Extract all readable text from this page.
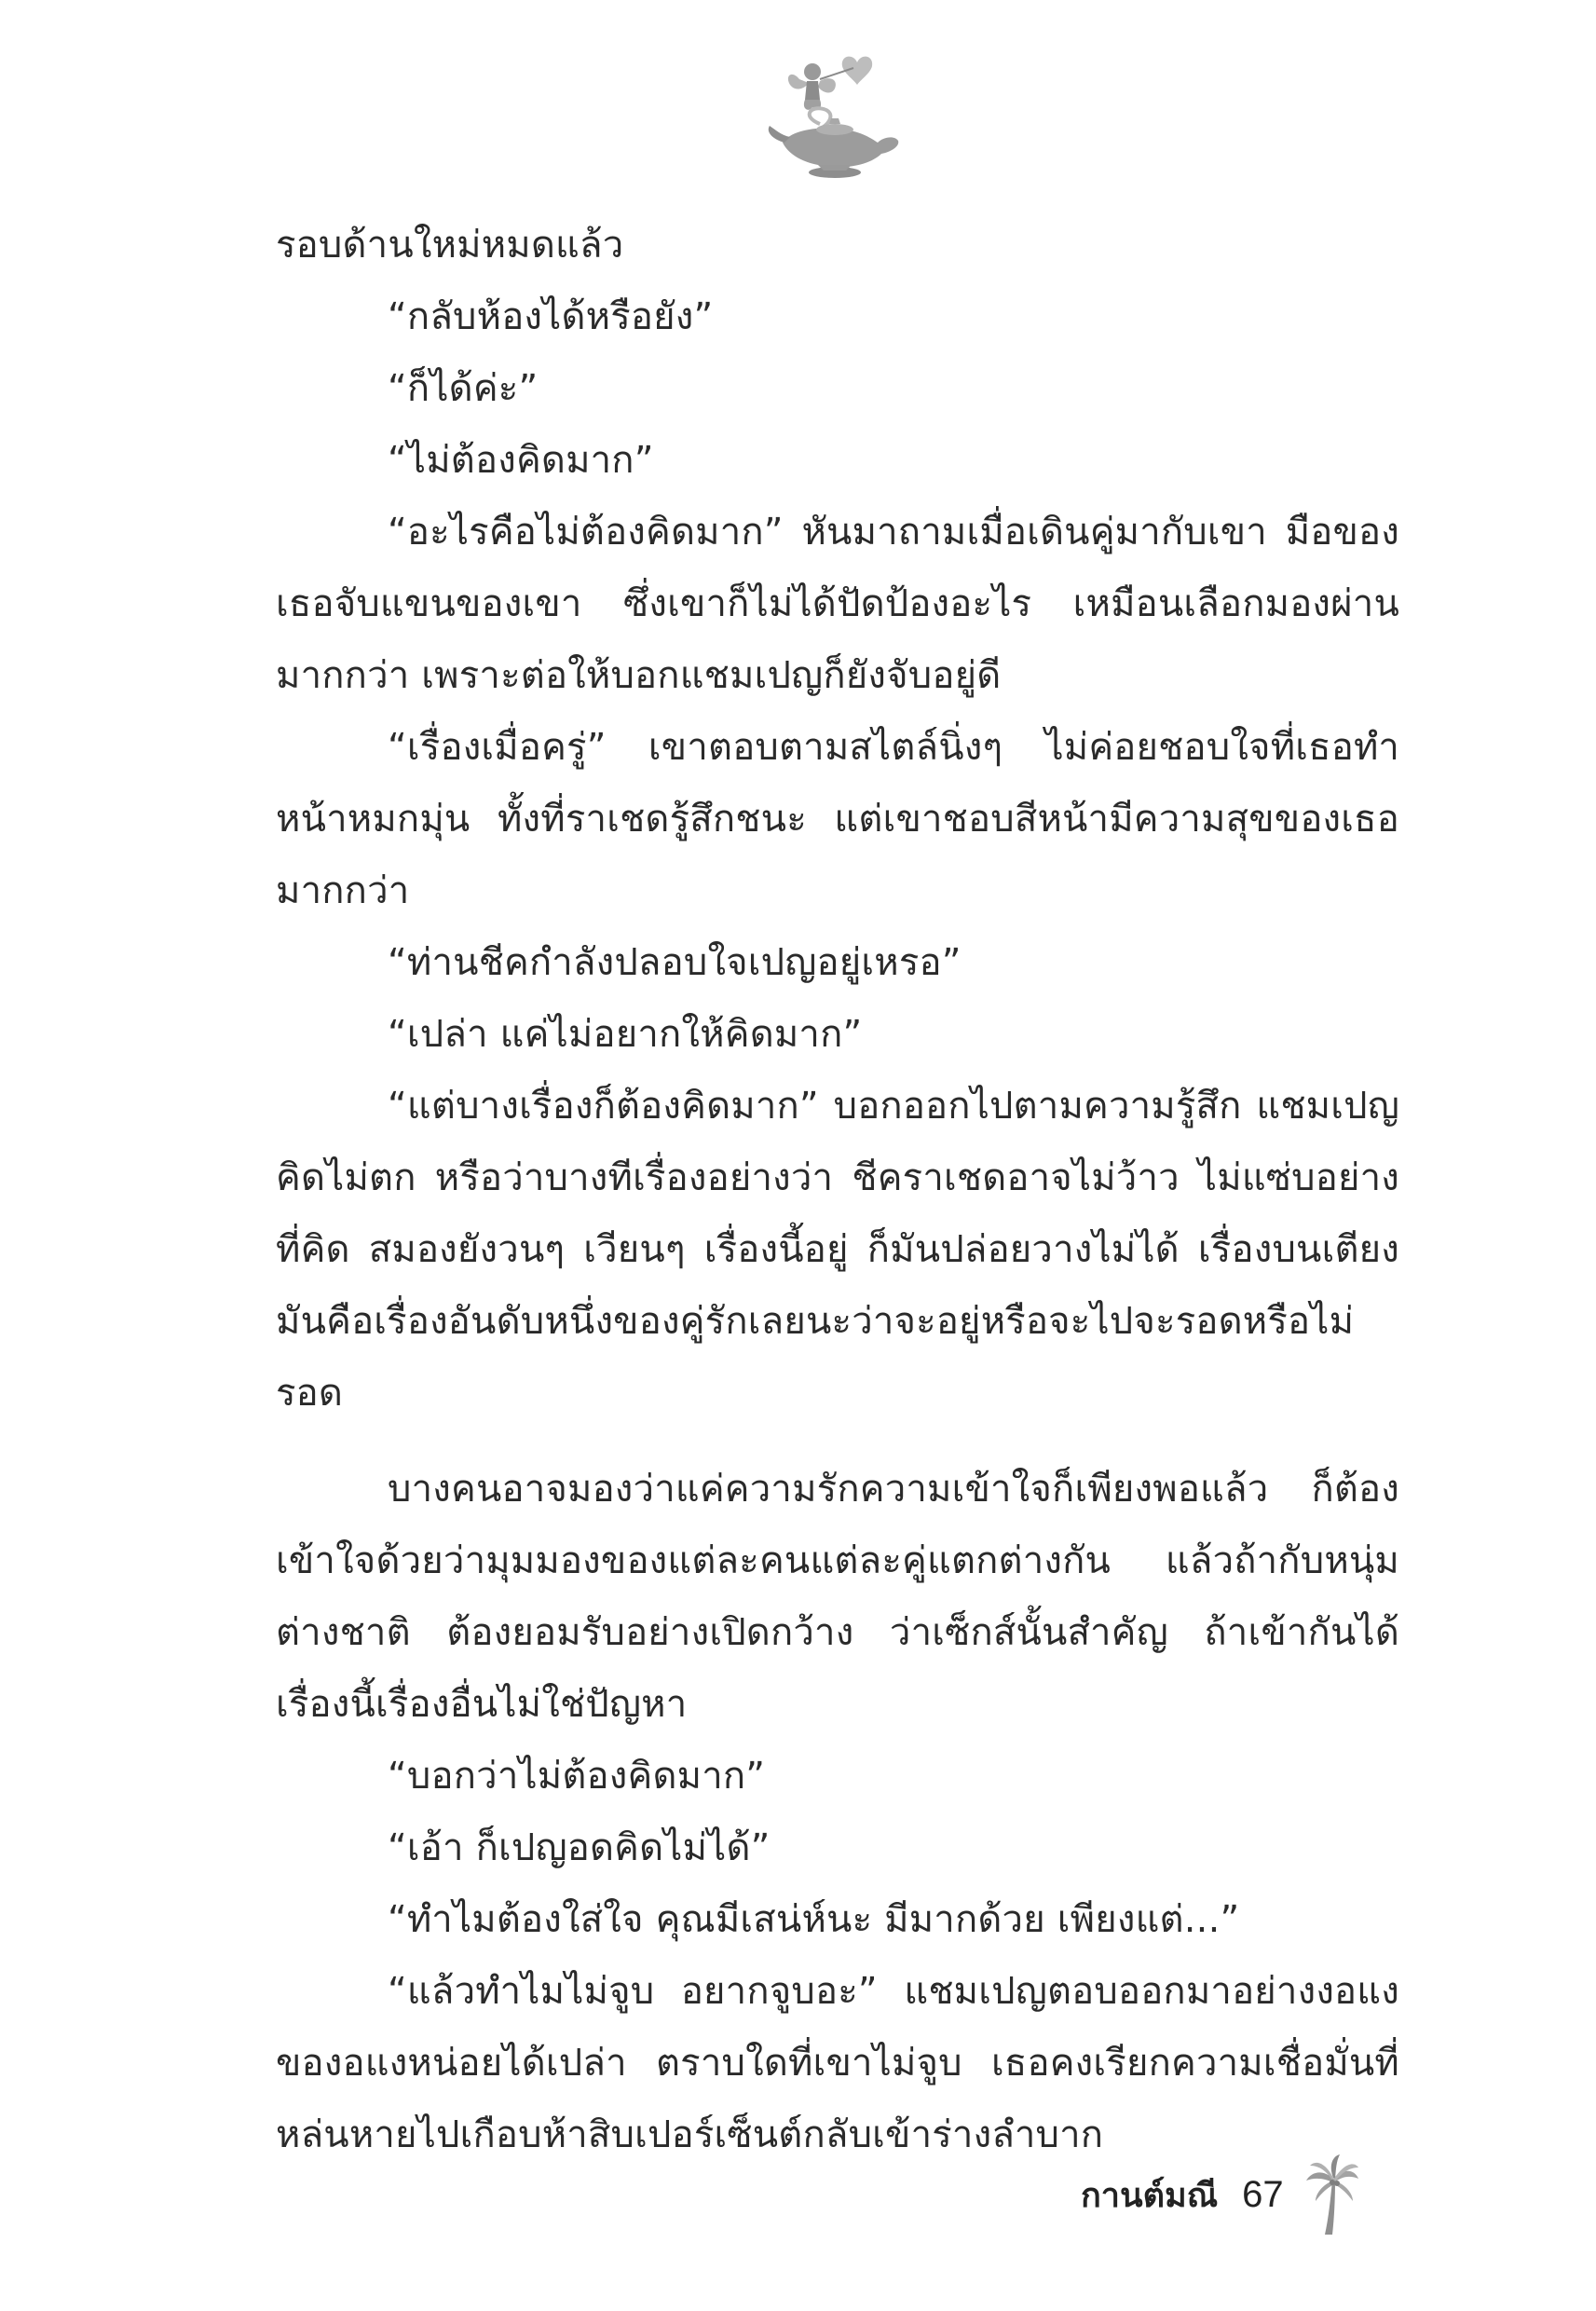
รอบด้านใหม่หมดแล้ว

“กลับห้องได้หรือยัง”

“ก็ได้ค่ะ”

“ไม่ต้องคิดมาก”

“อะไรคือไม่ต้องคิดมาก” หันมาถามเมื่อเดินคู่มากับเขา มือของเธอจับแขนของเขา ซึ่งเขาก็ไม่ได้ปัดป้องอะไร เหมือนเลือกมองผ่านมากกว่า เพราะต่อให้บอกแชมเปญก็ยังจับอยู่ดี

“เรื่องเมื่อครู่” เขาตอบตามสไตล์นิ่งๆ ไม่ค่อยชอบใจที่เธอทำหน้าหมกมุ่น ทั้งที่ราเชดรู้สึกชนะ แต่เขาชอบสีหน้ามีความสุขของเธอมากกว่า

“ท่านชีคกำลังปลอบใจเปญอยู่เหรอ”

“เปล่า แค่ไม่อยากให้คิดมาก”

“แต่บางเรื่องก็ต้องคิดมาก” บอกออกไปตามความรู้สึก แชมเปญคิดไม่ตก หรือว่าบางทีเรื่องอย่างว่า ชีคราเชดอาจไม่ว้าว ไม่แซ่บอย่างที่คิด สมองยังวนๆ เวียนๆ เรื่องนี้อยู่ ก็มันปล่อยวางไม่ได้ เรื่องบนเตียงมันคือเรื่องอันดับหนึ่งของคู่รักเลยนะว่าจะอยู่หรือจะไปจะรอดหรือไม่รอด

บางคนอาจมองว่าแค่ความรักความเข้าใจก็เพียงพอแล้ว ก็ต้องเข้าใจด้วยว่ามุมมองของแต่ละคนแต่ละคู่แตกต่างกัน แล้วถ้ากับหนุ่มต่างชาติ ต้องยอมรับอย่างเปิดกว้าง ว่าเซ็กส์นั้นสำคัญ ถ้าเข้ากันได้เรื่องนี้เรื่องอื่นไม่ใช่ปัญหา

“บอกว่าไม่ต้องคิดมาก”

“เอ้า ก็เปญอดคิดไม่ได้”

“ทำไมต้องใส่ใจ คุณมีเสน่ห์นะ มีมากด้วย เพียงแต่...”

“แล้วทำไมไม่จูบ อยากจูบอะ” แชมเปญตอบออกมาอย่างงอแงของอแงหน่อยได้เปล่า ตราบใดที่เขาไม่จูบ เธอคงเรียกความเชื่อมั่นที่หล่นหายไปเกือบห้าสิบเปอร์เซ็นต์กลับเข้าร่างลำบาก

กานต์มณี 67
